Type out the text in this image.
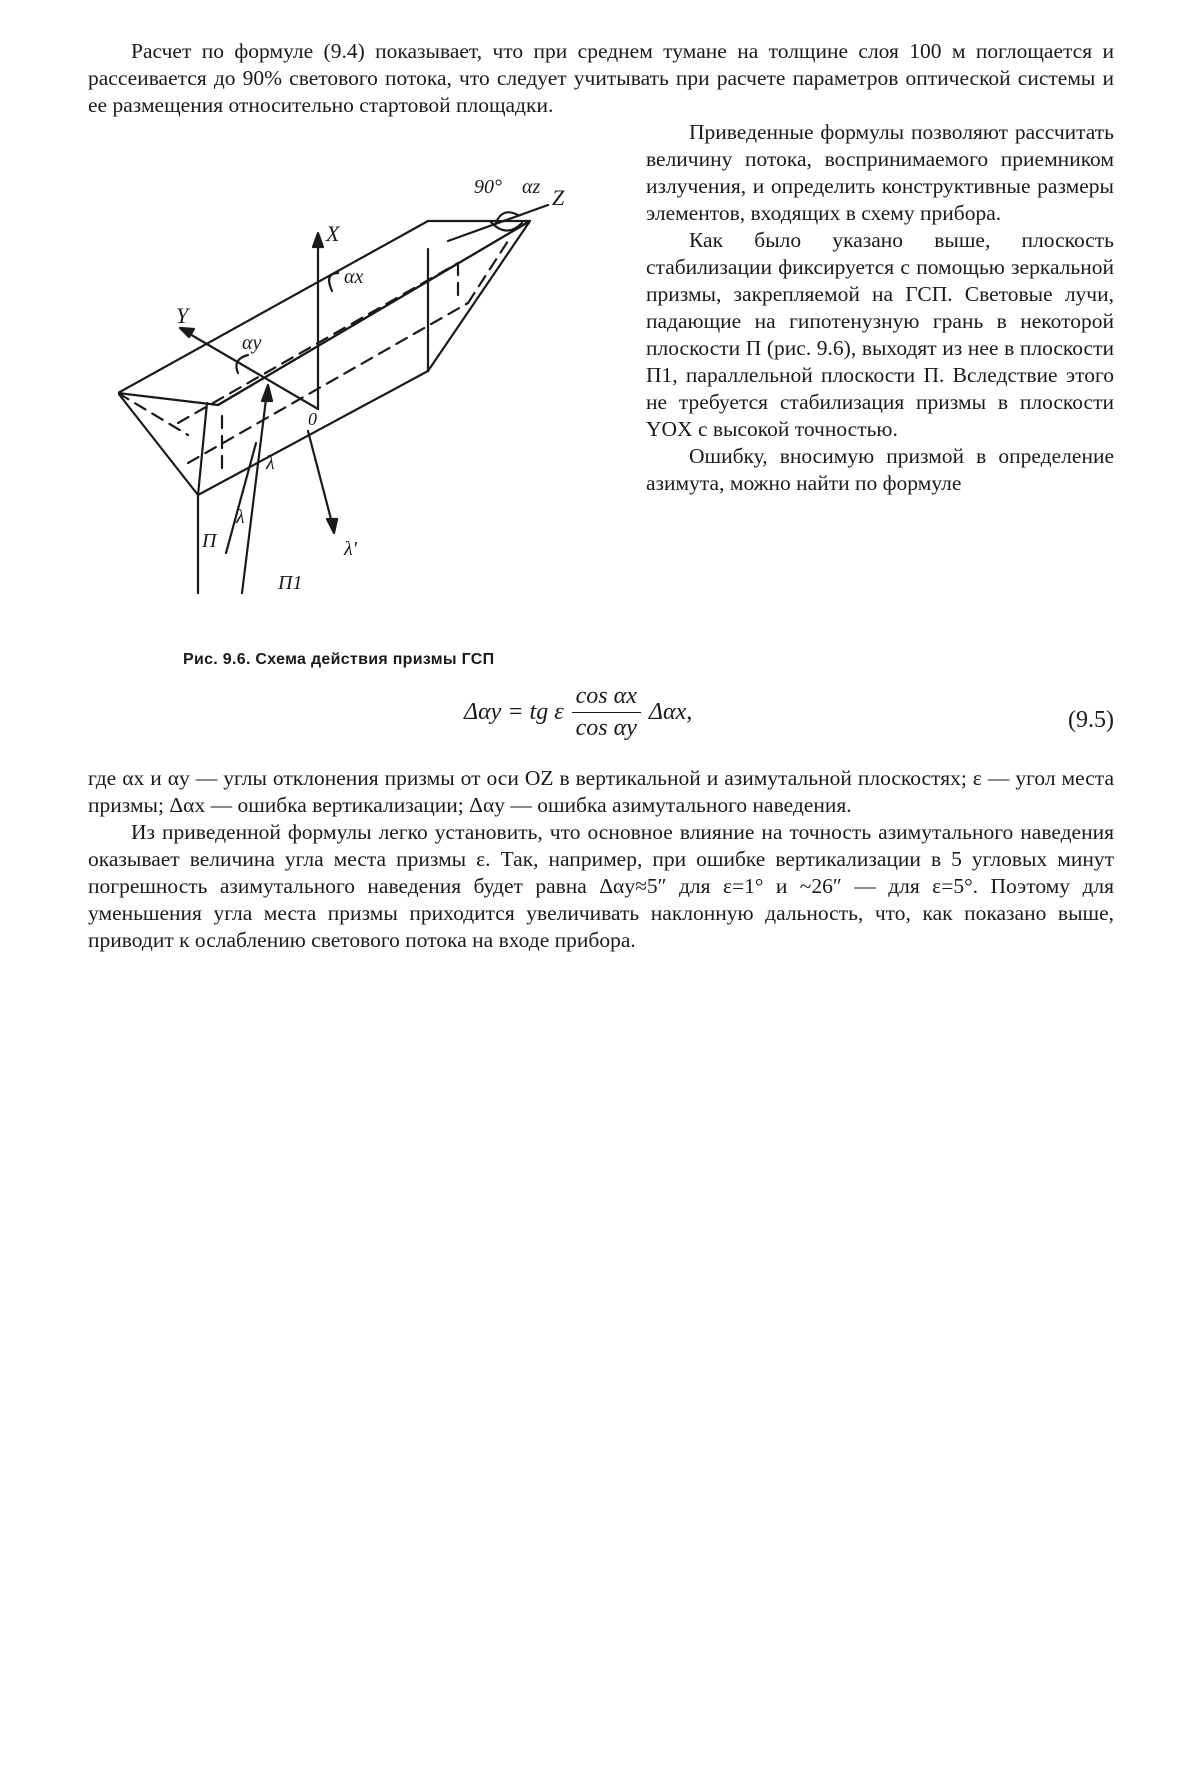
Расчет по формуле (9.4) показывает, что при среднем тумане на толщине слоя 100 м поглощается и рассеивается до 90% светового потока, что следует учитывать при расчете параметров оптической системы и ее размещения относительно стартовой площадки.

X
Y
Z
0
αx
αy
αz
90°
П
П1
λ
λ
λ'
Рис. 9.6. Схема действия призмы ГСП

Приведенные формулы позволяют рассчитать величину потока, воспринимаемого приемником излучения, и определить конструктивные размеры элементов, входящих в схему прибора.

Как было указано выше, плоскость стабилизации фиксируется с помощью зеркальной призмы, закрепляемой на ГСП. Световые лучи, падающие на гипотенузную грань в некоторой плоскости П (рис. 9.6), выходят из нее в плоскости П1, параллельной плоскости П. Вследствие этого не требуется стабилизация призмы в плоскости YOX с высокой точностью.

Ошибку, вносимую призмой в определение азимута, можно найти по формуле

Δαy = tg ε $\frac{\text{cos αx}}{\text{cos αy}} \Delta\alpha x$,	(9.5)

где αx и αy — углы отклонения призмы от оси OZ в вертикальной и азимутальной плоскостях; ε — угол места призмы; Δαx — ошибка вертикализации; Δαy — ошибка азимутального наведения.

Из приведенной формулы легко установить, что основное влияние на точность азимутального наведения оказывает величина угла места призмы ε. Так, например, при ошибке вертикализации в 5 угловых минут погрешность азимутального наведения будет равна Δαy≈5″ для ε=1° и ~26″ — для ε=5°. Поэтому для уменьшения угла места призмы приходится увеличивать наклонную дальность, что, как показано выше, приводит к ослаблению светового потока на входе прибора.
